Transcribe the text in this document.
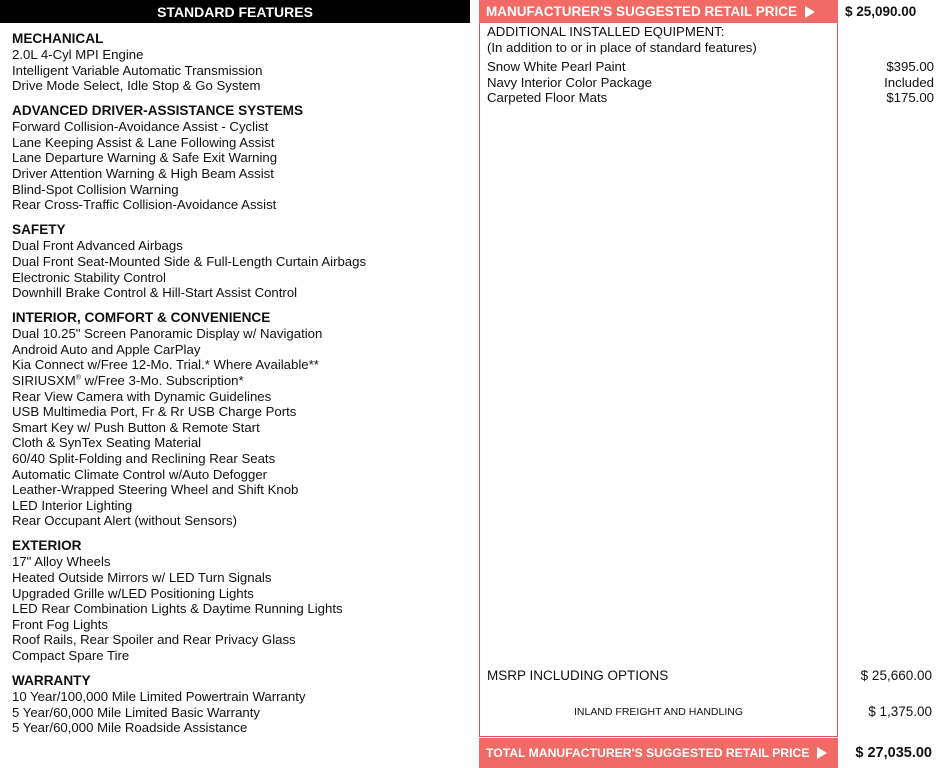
STANDARD FEATURES
MECHANICAL
2.0L 4-Cyl MPI Engine
Intelligent Variable Automatic Transmission
Drive Mode Select, Idle Stop & Go System
ADVANCED DRIVER-ASSISTANCE SYSTEMS
Forward Collision-Avoidance Assist - Cyclist
Lane Keeping Assist & Lane Following Assist
Lane Departure Warning & Safe Exit Warning
Driver Attention Warning & High Beam Assist
Blind-Spot Collision Warning
Rear Cross-Traffic Collision-Avoidance Assist
SAFETY
Dual Front Advanced Airbags
Dual Front Seat-Mounted Side & Full-Length Curtain Airbags
Electronic Stability Control
Downhill Brake Control & Hill-Start Assist Control
INTERIOR, COMFORT & CONVENIENCE
Dual 10.25" Screen Panoramic Display w/ Navigation
Android Auto and Apple CarPlay
Kia Connect w/Free 12-Mo. Trial.* Where Available**
SIRIUSXM® w/Free 3-Mo. Subscription*
Rear View Camera with Dynamic Guidelines
USB Multimedia Port, Fr & Rr USB Charge Ports
Smart Key w/ Push Button & Remote Start
Cloth & SynTex Seating Material
60/40 Split-Folding and Reclining Rear Seats
Automatic Climate Control w/Auto Defogger
Leather-Wrapped Steering Wheel and Shift Knob
LED Interior Lighting
Rear Occupant Alert (without Sensors)
EXTERIOR
17" Alloy Wheels
Heated Outside Mirrors w/ LED Turn Signals
Upgraded Grille w/LED Positioning Lights
LED Rear Combination Lights & Daytime Running Lights
Front Fog Lights
Roof Rails, Rear Spoiler and Rear Privacy Glass
Compact Spare Tire
WARRANTY
10 Year/100,000 Mile Limited Powertrain Warranty
5 Year/60,000 Mile Limited Basic Warranty
5 Year/60,000 Mile Roadside Assistance
MANUFACTURER'S SUGGESTED RETAIL PRICE	$ 25,090.00
ADDITIONAL INSTALLED EQUIPMENT:
(In addition to or in place of standard features)
Snow White Pearl Paint	$395.00
Navy Interior Color Package	Included
Carpeted Floor Mats	$175.00
MSRP INCLUDING OPTIONS	$ 25,660.00
INLAND FREIGHT AND HANDLING	$ 1,375.00
TOTAL MANUFACTURER'S SUGGESTED RETAIL PRICE	$ 27,035.00
